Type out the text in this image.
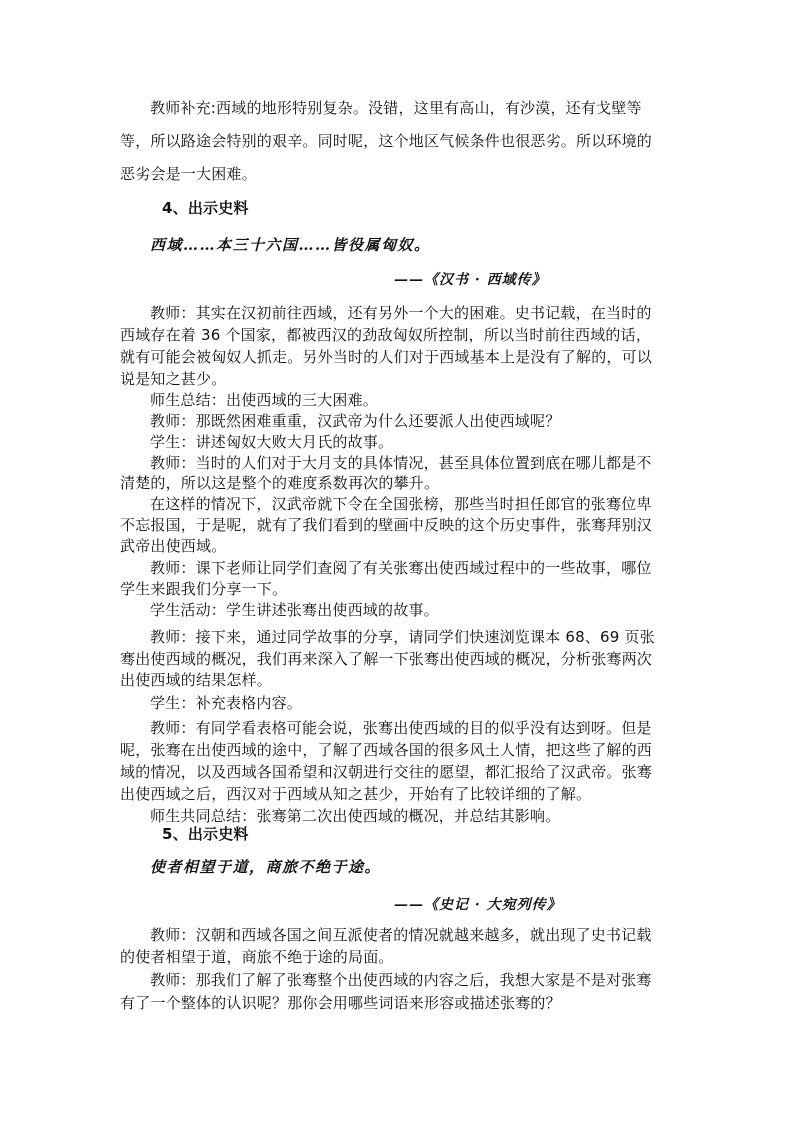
教师补充:西域的地形特别复杂。没错，这里有高山，有沙漠，还有戈壁等
等，所以路途会特别的艰辛。同时呢，这个地区气候条件也很恶劣。所以环境的
恶劣会是一大困难。
4、出示史料
西域……本三十六国……皆役属匈奴。
——《汉书 · 西域传》
教师：其实在汉初前往西域，还有另外一个大的困难。史书记载，在当时的
西域存在着 36 个国家，都被西汉的劲敌匈奴所控制，所以当时前往西域的话，
就有可能会被匈奴人抓走。另外当时的人们对于西域基本上是没有了解的，可以
说是知之甚少。
师生总结：出使西域的三大困难。
教师：那既然困难重重，汉武帝为什么还要派人出使西域呢？
学生：讲述匈奴大败大月氏的故事。
教师：当时的人们对于大月支的具体情况，甚至具体位置到底在哪儿都是不
清楚的，所以这是整个的难度系数再次的攀升。
在这样的情况下，汉武帝就下令在全国张榜，那些当时担任郎官的张骞位卑
不忘报国，于是呢，就有了我们看到的壁画中反映的这个历史事件，张骞拜别汉
武帝出使西域。
教师：课下老师让同学们查阅了有关张骞出使西域过程中的一些故事，哪位
学生来跟我们分享一下。
学生活动：学生讲述张骞出使西域的故事。
教师：接下来，通过同学故事的分享，请同学们快速浏览课本 68、69 页张
骞出使西域的概况，我们再来深入了解一下张骞出使西域的概况，分析张骞两次
出使西域的结果怎样。
学生：补充表格内容。
教师：有同学看表格可能会说，张骞出使西域的目的似乎没有达到呀。但是
呢，张骞在出使西域的途中，了解了西域各国的很多风土人情，把这些了解的西
域的情况，以及西域各国希望和汉朝进行交往的愿望，都汇报给了汉武帝。张骞
出使西域之后，西汉对于西域从知之甚少，开始有了比较详细的了解。
师生共同总结：张骞第二次出使西域的概况，并总结其影响。
5、出示史料
使者相望于道，商旅不绝于途。
——《史记 · 大宛列传》
教师：汉朝和西域各国之间互派使者的情况就越来越多，就出现了史书记载
的使者相望于道，商旅不绝于途的局面。
教师：那我们了解了张骞整个出使西域的内容之后，我想大家是不是对张骞
有了一个整体的认识呢？那你会用哪些词语来形容或描述张骞的？
